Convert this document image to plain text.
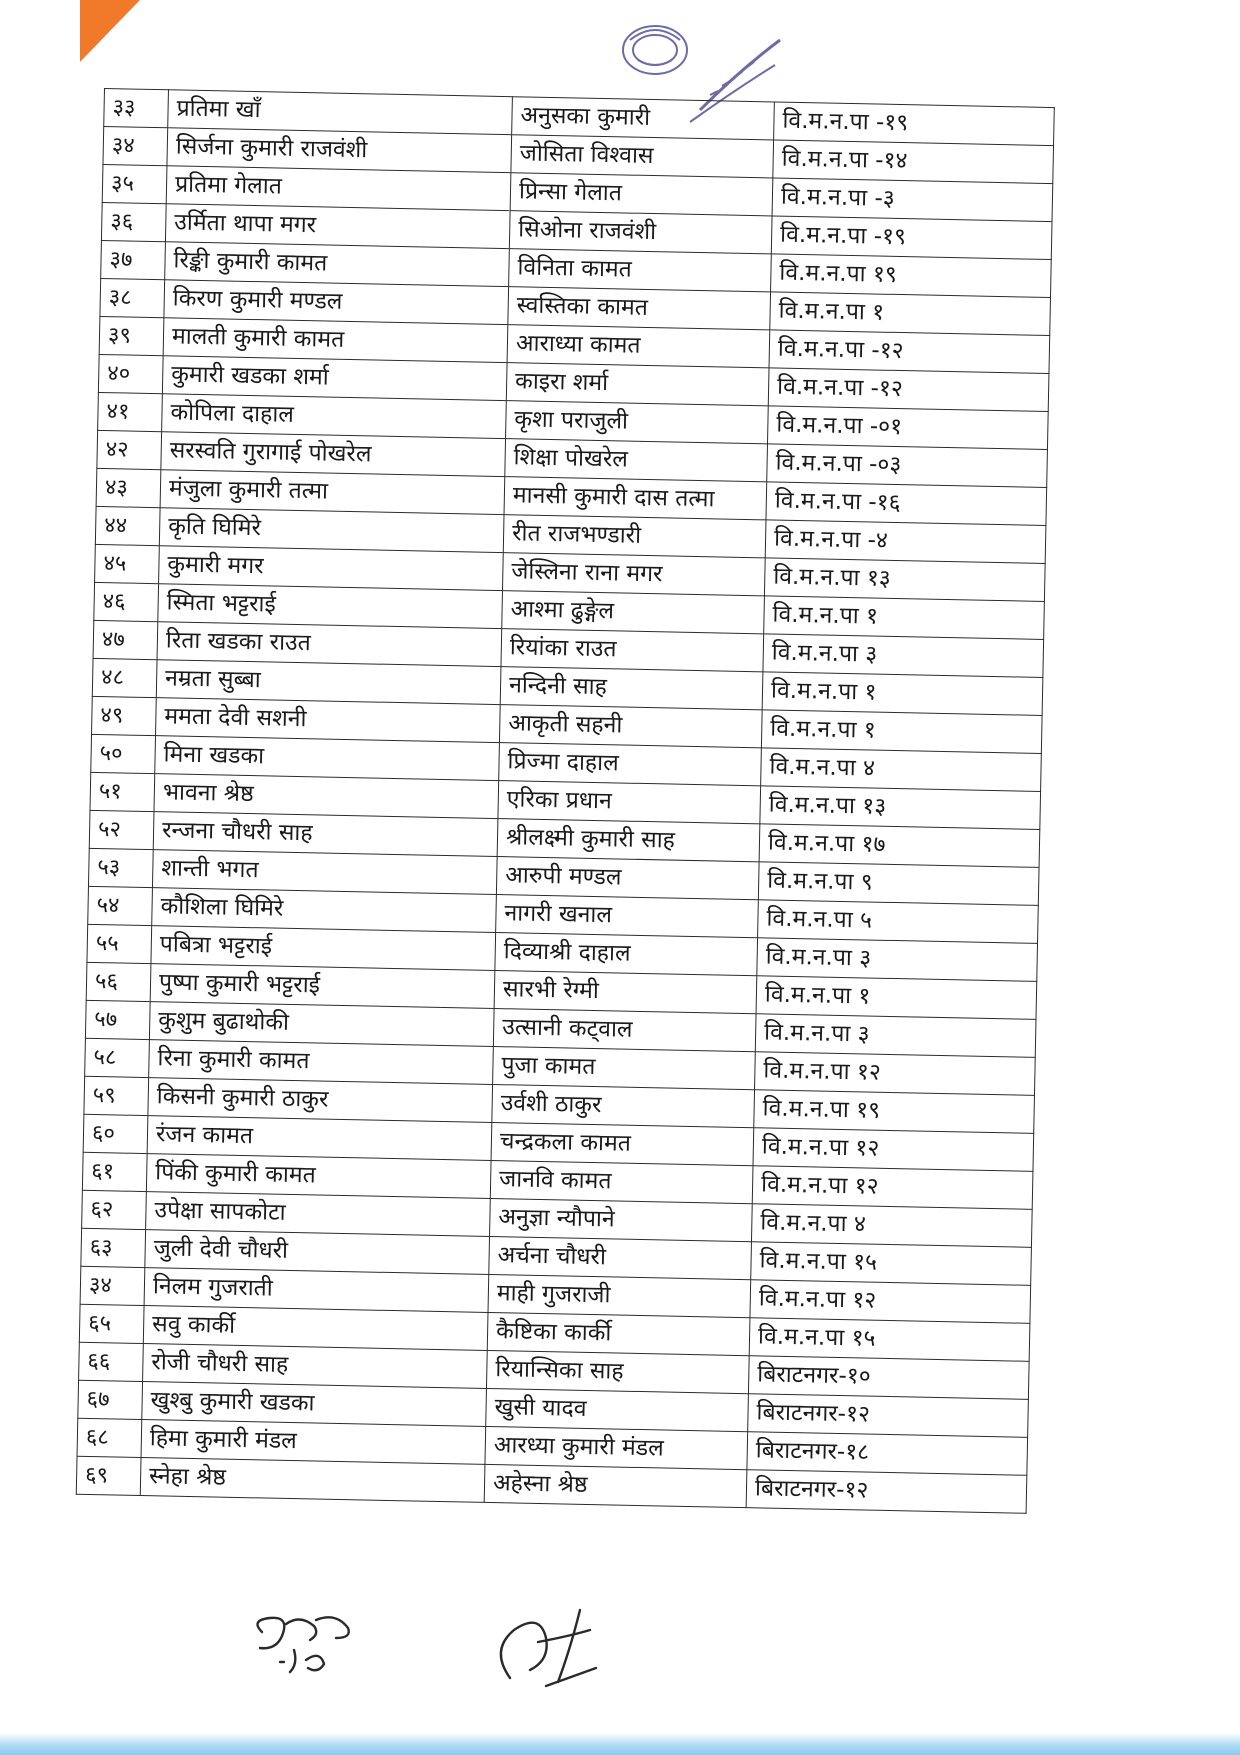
३३	प्रतिमा खाँ	अनुसका कुमारी	वि.म.न.पा -१९
३४	सिर्जना कुमारी राजवंशी	जोसिता विश्वास	वि.म.न.पा -१४
३५	प्रतिमा गेलात	प्रिन्सा गेलात	वि.म.न.पा -३
३६	उर्मिता थापा मगर	सिओना राजवंशी	वि.म.न.पा -१९
३७	रिङ्की कुमारी कामत	विनिता कामत	वि.म.न.पा १९
३८	किरण कुमारी मण्डल	स्वस्तिका कामत	वि.म.न.पा १
३९	मालती कुमारी कामत	आराध्या कामत	वि.म.न.पा -१२
४०	कुमारी खडका शर्मा	काइरा शर्मा	वि.म.न.पा -१२
४१	कोपिला दाहाल	कृशा पराजुली	वि.म.न.पा -०१
४२	सरस्वति गुरागाई पोखरेल	शिक्षा पोखरेल	वि.म.न.पा -०३
४३	मंजुला कुमारी तत्मा	मानसी कुमारी दास तत्मा	वि.म.न.पा -१६
४४	कृति घिमिरे	रीत राजभण्डारी	वि.म.न.पा -४
४५	कुमारी मगर	जेस्लिना राना मगर	वि.म.न.पा १३
४६	स्मिता भट्टराई	आश्मा ढुङ्गेल	वि.म.न.पा १
४७	रिता खडका राउत	रियांका राउत	वि.म.न.पा ३
४८	नम्रता सुब्बा	नन्दिनी साह	वि.म.न.पा १
४९	ममता देवी सशनी	आकृती सहनी	वि.म.न.पा १
५०	मिना खडका	प्रिज्मा दाहाल	वि.म.न.पा ४
५१	भावना श्रेष्ठ	एरिका प्रधान	वि.म.न.पा १३
५२	रन्जना चौधरी साह	श्रीलक्ष्मी कुमारी साह	वि.म.न.पा १७
५३	शान्ती भगत	आरुपी मण्डल	वि.म.न.पा ९
५४	कौशिला घिमिरे	नागरी खनाल	वि.म.न.पा ५
५५	पबित्रा भट्टराई	दिव्याश्री दाहाल	वि.म.न.पा ३
५६	पुष्पा कुमारी भट्टराई	सारभी रेग्मी	वि.म.न.पा १
५७	कुशुम बुढाथोकी	उत्सानी कट्वाल	वि.म.न.पा ३
५८	रिना कुमारी कामत	पुजा कामत	वि.म.न.पा १२
५९	किसनी कुमारी ठाकुर	उर्वशी ठाकुर	वि.म.न.पा १९
६०	रंजन कामत	चन्द्रकला कामत	वि.म.न.पा १२
६१	पिंकी कुमारी कामत	जानवि कामत	वि.म.न.पा १२
६२	उपेक्षा सापकोटा	अनुज्ञा न्यौपाने	वि.म.न.पा ४
६३	जुली देवी चौधरी	अर्चना चौधरी	वि.म.न.पा १५
३४	निलम गुजराती	माही गुजराजी	वि.म.न.पा १२
६५	सवु कार्की	कैष्टिका कार्की	वि.म.न.पा १५
६६	रोजी चौधरी साह	रियान्सिका साह	बिराटनगर-१०
६७	खुश्बु कुमारी खडका	खुसी यादव	बिराटनगर-१२
६८	हिमा कुमारी मंडल	आरध्या कुमारी मंडल	बिराटनगर-१८
६९	स्नेहा श्रेष्ठ	अहेस्ना श्रेष्ठ	बिराटनगर-१२
